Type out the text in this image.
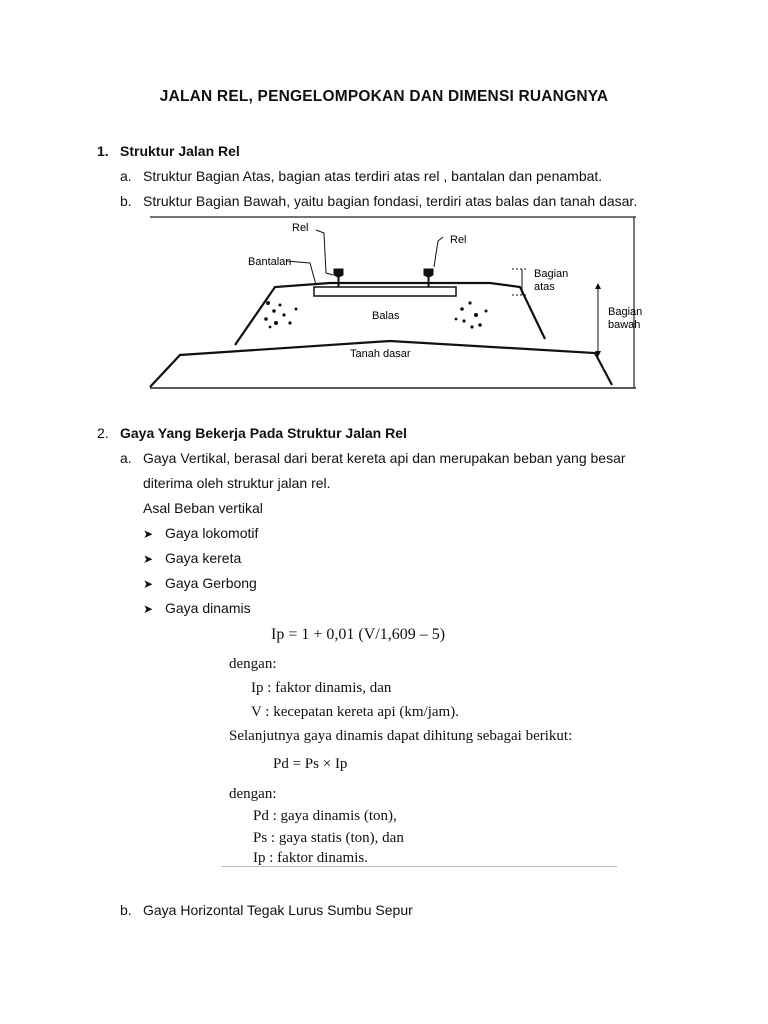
JALAN REL, PENGELOMPOKAN DAN DIMENSI RUANGNYA
1. Struktur Jalan Rel
a. Struktur Bagian Atas, bagian atas terdiri atas rel , bantalan dan penambat.
b. Struktur Bagian Bawah, yaitu bagian fondasi, terdiri atas balas dan tanah dasar.
Rel
Rel
Bantalan
Balas
Tanah dasar
Bagian
atas
Bagian
bawah
2. Gaya Yang Bekerja Pada Struktur Jalan Rel
a. Gaya Vertikal, berasal dari berat kereta api dan merupakan beban yang besar
diterima oleh struktur jalan rel.
Asal Beban vertikal
➤ Gaya lokomotif
➤ Gaya kereta
➤ Gaya Gerbong
➤ Gaya dinamis
Ip = 1 + 0,01 (V/1,609 – 5)
dengan:
Ip : faktor dinamis, dan
V : kecepatan kereta api (km/jam).
Selanjutnya gaya dinamis dapat dihitung sebagai berikut:
Pd = Ps × Ip
dengan:
Pd : gaya dinamis (ton),
Ps : gaya statis (ton), dan
Ip : faktor dinamis.
b. Gaya Horizontal Tegak Lurus Sumbu Sepur
